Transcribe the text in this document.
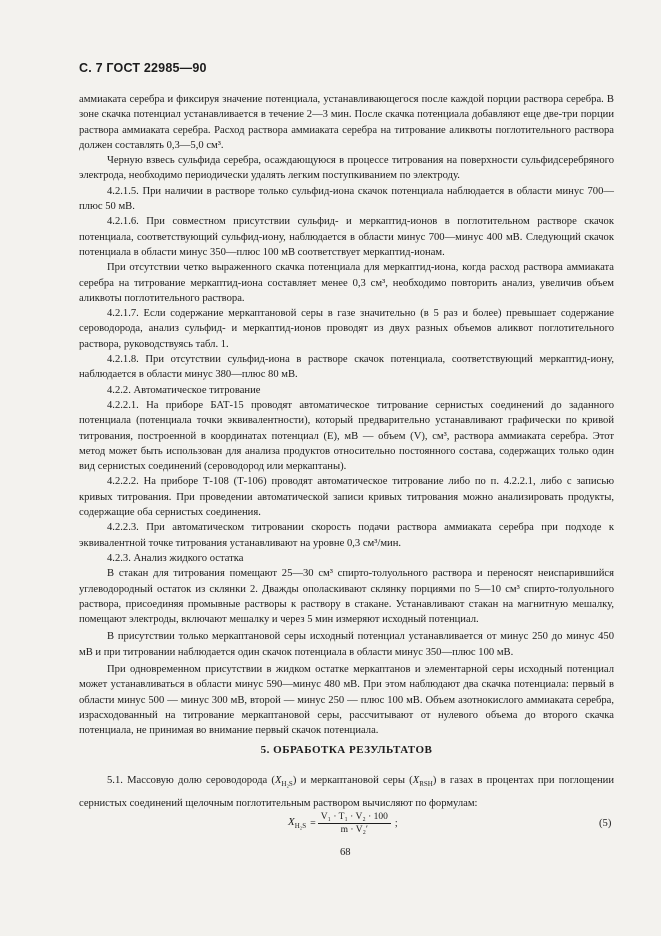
С. 7 ГОСТ 22985—90

аммиаката серебра и фиксируя значение потенциала, устанавливающегося после каждой порции раствора серебра. В зоне скачка потенциал устанавливается в течение 2—3 мин. После скачка потенциала добавляют еще две-три порции раствора аммиаката серебра. Расход раствора аммиаката серебра на титрование аликвоты поглотительного раствора должен составлять 0,3—5,0 см³.

Черную взвесь сульфида серебра, осаждающуюся в процессе титрования на поверхности сульфидсеребряного электрода, необходимо периодически удалять легким поступкиванием по электроду.

4.2.1.5. При наличии в растворе только сульфид-иона скачок потенциала наблюдается в области минус 700—плюс 50 мВ.

4.2.1.6. При совместном присутствии сульфид- и меркаптид-ионов в поглотительном растворе скачок потенциала, соответствующий сульфид-иону, наблюдается в области минус 700—минус 400 мВ. Следующий скачок потенциала в области минус 350—плюс 100 мВ соответствует меркаптид-ионам.

При отсутствии четко выраженного скачка потенциала для меркаптид-иона, когда расход раствора аммиаката серебра на титрование меркаптид-иона составляет менее 0,3 см³, необходимо повторить анализ, увеличив объем аликвоты поглотительного раствора.

4.2.1.7. Если содержание меркаптановой серы в газе значительно (в 5 раз и более) превышает содержание сероводорода, анализ сульфид- и меркаптид-ионов проводят из двух разных объемов аликвот поглотительного раствора, руководствуясь табл. 1.

4.2.1.8. При отсутствии сульфид-иона в растворе скачок потенциала, соответствующий меркаптид-иону, наблюдается в области минус 380—плюс 80 мВ.

4.2.2. Автоматическое титрование

4.2.2.1. На приборе БАТ-15 проводят автоматическое титрование сернистых соединений до заданного потенциала (потенциала точки эквивалентности), который предварительно устанавливают графически по кривой титрования, построенной в координатах потенциал (E), мВ — объем (V), см³, раствора аммиаката серебра. Этот метод может быть использован для анализа продуктов относительно постоянного состава, содержащих только один вид сернистых соединений (сероводород или меркаптаны).

4.2.2.2. На приборе Т-108 (Т-106) проводят автоматическое титрование либо по п. 4.2.2.1, либо с записью кривых титрования. При проведении автоматической записи кривых титрования можно анализировать продукты, содержащие оба сернистых соединения.

4.2.2.3. При автоматическом титровании скорость подачи раствора аммиаката серебра при подходе к эквивалентной точке титрования устанавливают на уровне 0,3 см³/мин.

4.2.3. Анализ жидкого остатка

В стакан для титрования помещают 25—30 см³ спирто-толуольного раствора и переносят неиспарившийся углеводородный остаток из склянки 2. Дважды ополаскивают склянку порциями по 5—10 см³ спирто-толуольного раствора, присоединяя промывные растворы к раствору в стакане. Устанавливают стакан на магнитную мешалку, помещают электроды, включают мешалку и через 5 мин измеряют исходный потенциал.

В присутствии только меркаптановой серы исходный потенциал устанавливается от минус 250 до минус 450 мВ и при титровании наблюдается один скачок потенциала в области минус 350—плюс 100 мВ.

При одновременном присутствии в жидком остатке меркаптанов и элементарной серы исходный потенциал может устанавливаться в области минус 590—минус 480 мВ. При этом наблюдают два скачка потенциала: первый в области минус 500 — минус 300 мВ, второй — минус 250 — плюс 100 мВ. Объем азотнокислого аммиаката серебра, израсходованный на титрование меркаптановой серы, рассчитывают от нулевого объема до второго скачка потенциала, не принимая во внимание первый скачок потенциала.

5. ОБРАБОТКА РЕЗУЛЬТАТОВ

5.1. Массовую долю сероводорода $(X_{H_2S})$ и меркаптановой серы $(X_{RSH})$ в газах в процентах при поглощении сернистых соединений щелочным поглотительным раствором вычисляют по формулам:

$X_{H_2S} = \frac{\text{V₁ · T₁ · V₂ · 100}}{\text{m · V₂′}}$ ;	(5)
68
